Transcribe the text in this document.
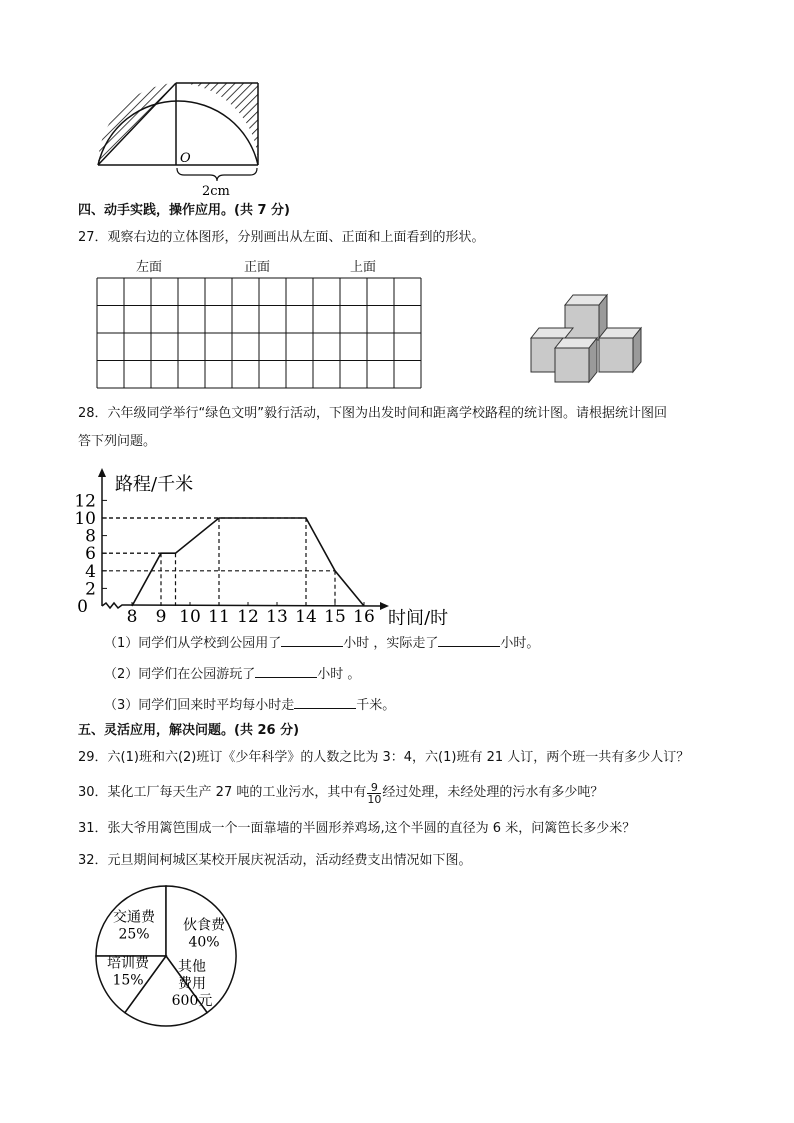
O
2cm
四、动手实践，操作应用。(共 7 分)
27．观察右边的立体图形，分别画出从左面、正面和上面看到的形状。
左面	正面	上面
28．六年级同学举行“绿色文明”毅行活动，下图为出发时间和距离学校路程的统计图。请根据统计图回
答下列问题。
2
4
6
8
10
12
0 8 9 10 11 12 13 14 15 16
路程/千米
时间/时
（1）同学们从学校到公园用了	小时 ，实际走了	小时。
（2）同学们在公园游玩了	小时 。
（3）同学们回来时平均每小时走	千米。
五、灵活应用，解决问题。(共 26 分)
29．六(1)班和六(2)班订《少年科学》的人数之比为 3：4，六(1)班有 21 人订，两个班一共有多少人订？
30．某化工厂每天生产 27 吨的工业污水，其中有 $\frac{9}{10}$ 经过处理，未经处理的污水有多少吨？
31．张大爷用篱笆围成一个一面靠墙的半圆形养鸡场,这个半圆的直径为 6 米，问篱笆长多少米？
32．元旦期间柯城区某校开展庆祝活动，活动经费支出情况如下图。
交通费
25%
伙食费
40%
其他
费用
600元
培训费
15%
